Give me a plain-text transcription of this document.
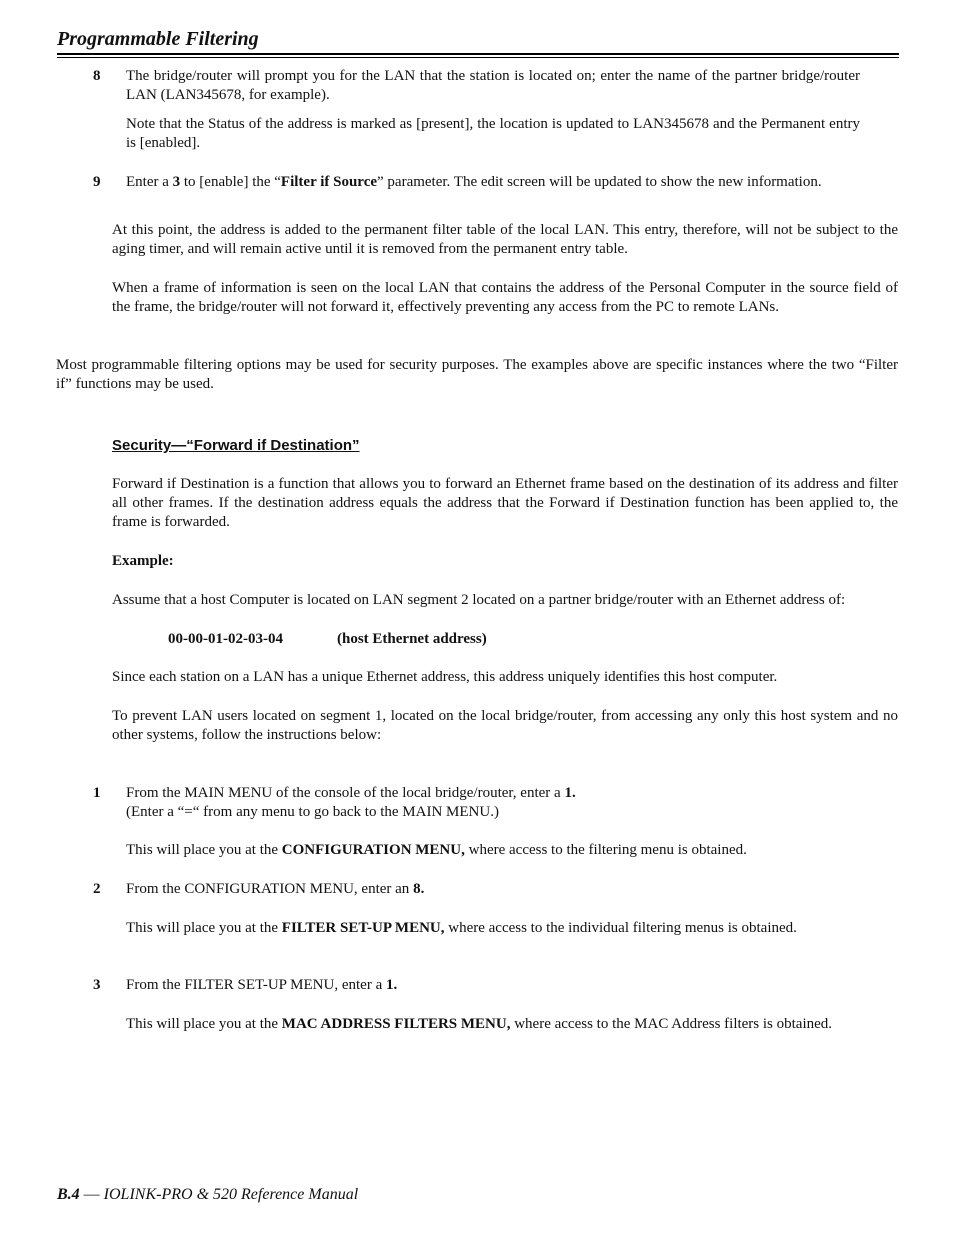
Programmable Filtering
8	The bridge/router will prompt you for the LAN that the station is located on; enter the name of the partner bridge/router LAN (LAN345678, for example).
Note that the Status of the address is marked as [present], the location is updated to LAN345678 and the Permanent entry is [enabled].
9	Enter a 3 to [enable] the “Filter if Source” parameter. The edit screen will be updated to show the new information.
At this point, the address is added to the permanent filter table of the local LAN. This entry, therefore, will not be subject to the aging timer, and will remain active until it is removed from the permanent entry table.
When a frame of information is seen on the local LAN that contains the address of the Personal Computer in the source field of the frame, the bridge/router will not forward it, effectively preventing any access from the PC to remote LANs.
Most programmable filtering options may be used for security purposes. The examples above are specific instances where the two “Filter if” functions may be used.
Security—“Forward if Destination”
Forward if Destination is a function that allows you to forward an Ethernet frame based on the destination of its address and filter all other frames. If the destination address equals the address that the Forward if Destination function has been applied to, the frame is forwarded.
Example:
Assume that a host Computer is located on LAN segment 2 located on a partner bridge/router with an Ethernet address of:
00-00-01-02-03-04	(host Ethernet address)
Since each station on a LAN has a unique Ethernet address, this address uniquely identifies this host computer.
To prevent LAN users located on segment 1, located on the local bridge/router, from accessing any only this host system and no other systems, follow the instructions below:
1	From the MAIN MENU of the console of the local bridge/router, enter a 1.
(Enter a “=“ from any menu to go back to the MAIN MENU.)
This will place you at the CONFIGURATION MENU, where access to the filtering menu is obtained.
2	From the CONFIGURATION MENU, enter an 8.
This will place you at the FILTER SET-UP MENU, where access to the individual filtering menus is obtained.
3	From the FILTER SET-UP MENU, enter a 1.
This will place you at the MAC ADDRESS FILTERS MENU, where access to the MAC Address filters is obtained.
B.4 — IOLINK-PRO & 520 Reference Manual
